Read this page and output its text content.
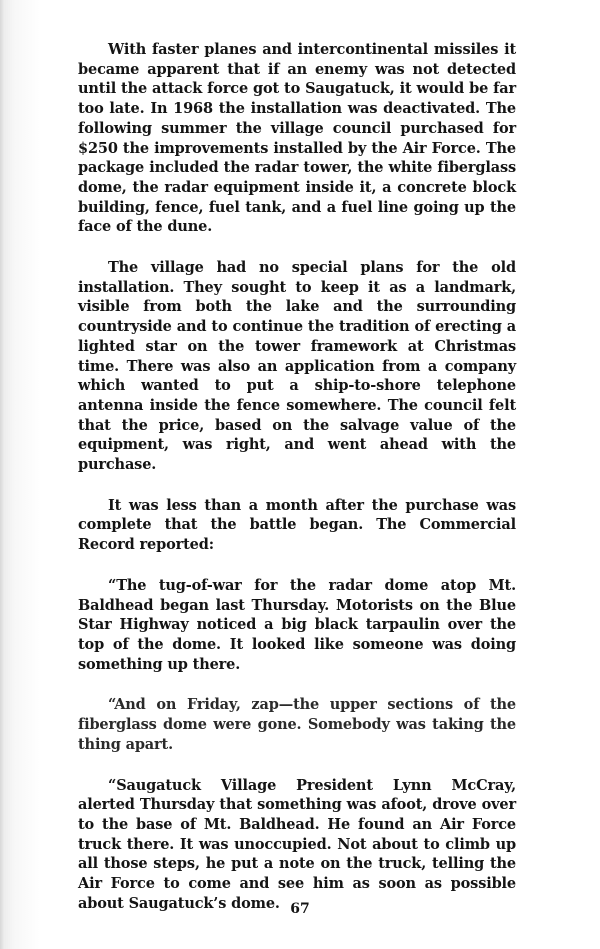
With faster planes and intercontinental missiles it became apparent that if an enemy was not detected until the attack force got to Saugatuck, it would be far too late. In 1968 the installation was deactivated. The following summer the village council purchased for $250 the improvements installed by the Air Force. The package included the radar tower, the white fiberglass dome, the radar equipment inside it, a concrete block building, fence, fuel tank, and a fuel line going up the face of the dune.

The village had no special plans for the old installation. They sought to keep it as a landmark, visible from both the lake and the surrounding countryside and to continue the tradition of erecting a lighted star on the tower framework at Christmas time. There was also an application from a company which wanted to put a ship-to-shore telephone antenna inside the fence somewhere. The council felt that the price, based on the salvage value of the equipment, was right, and went ahead with the purchase.

It was less than a month after the purchase was complete that the battle began. The Commercial Record reported:

“The tug-of-war for the radar dome atop Mt. Baldhead began last Thursday. Motorists on the Blue Star Highway noticed a big black tarpaulin over the top of the dome. It looked like someone was doing something up there.

“And on Friday, zap—the upper sections of the fiberglass dome were gone. Somebody was taking the thing apart.

“Saugatuck Village President Lynn McCray, alerted Thursday that something was afoot, drove over to the base of Mt. Baldhead. He found an Air Force truck there. It was unoccupied. Not about to climb up all those steps, he put a note on the truck, telling the Air Force to come and see him as soon as possible about Saugatuck’s dome. 67
